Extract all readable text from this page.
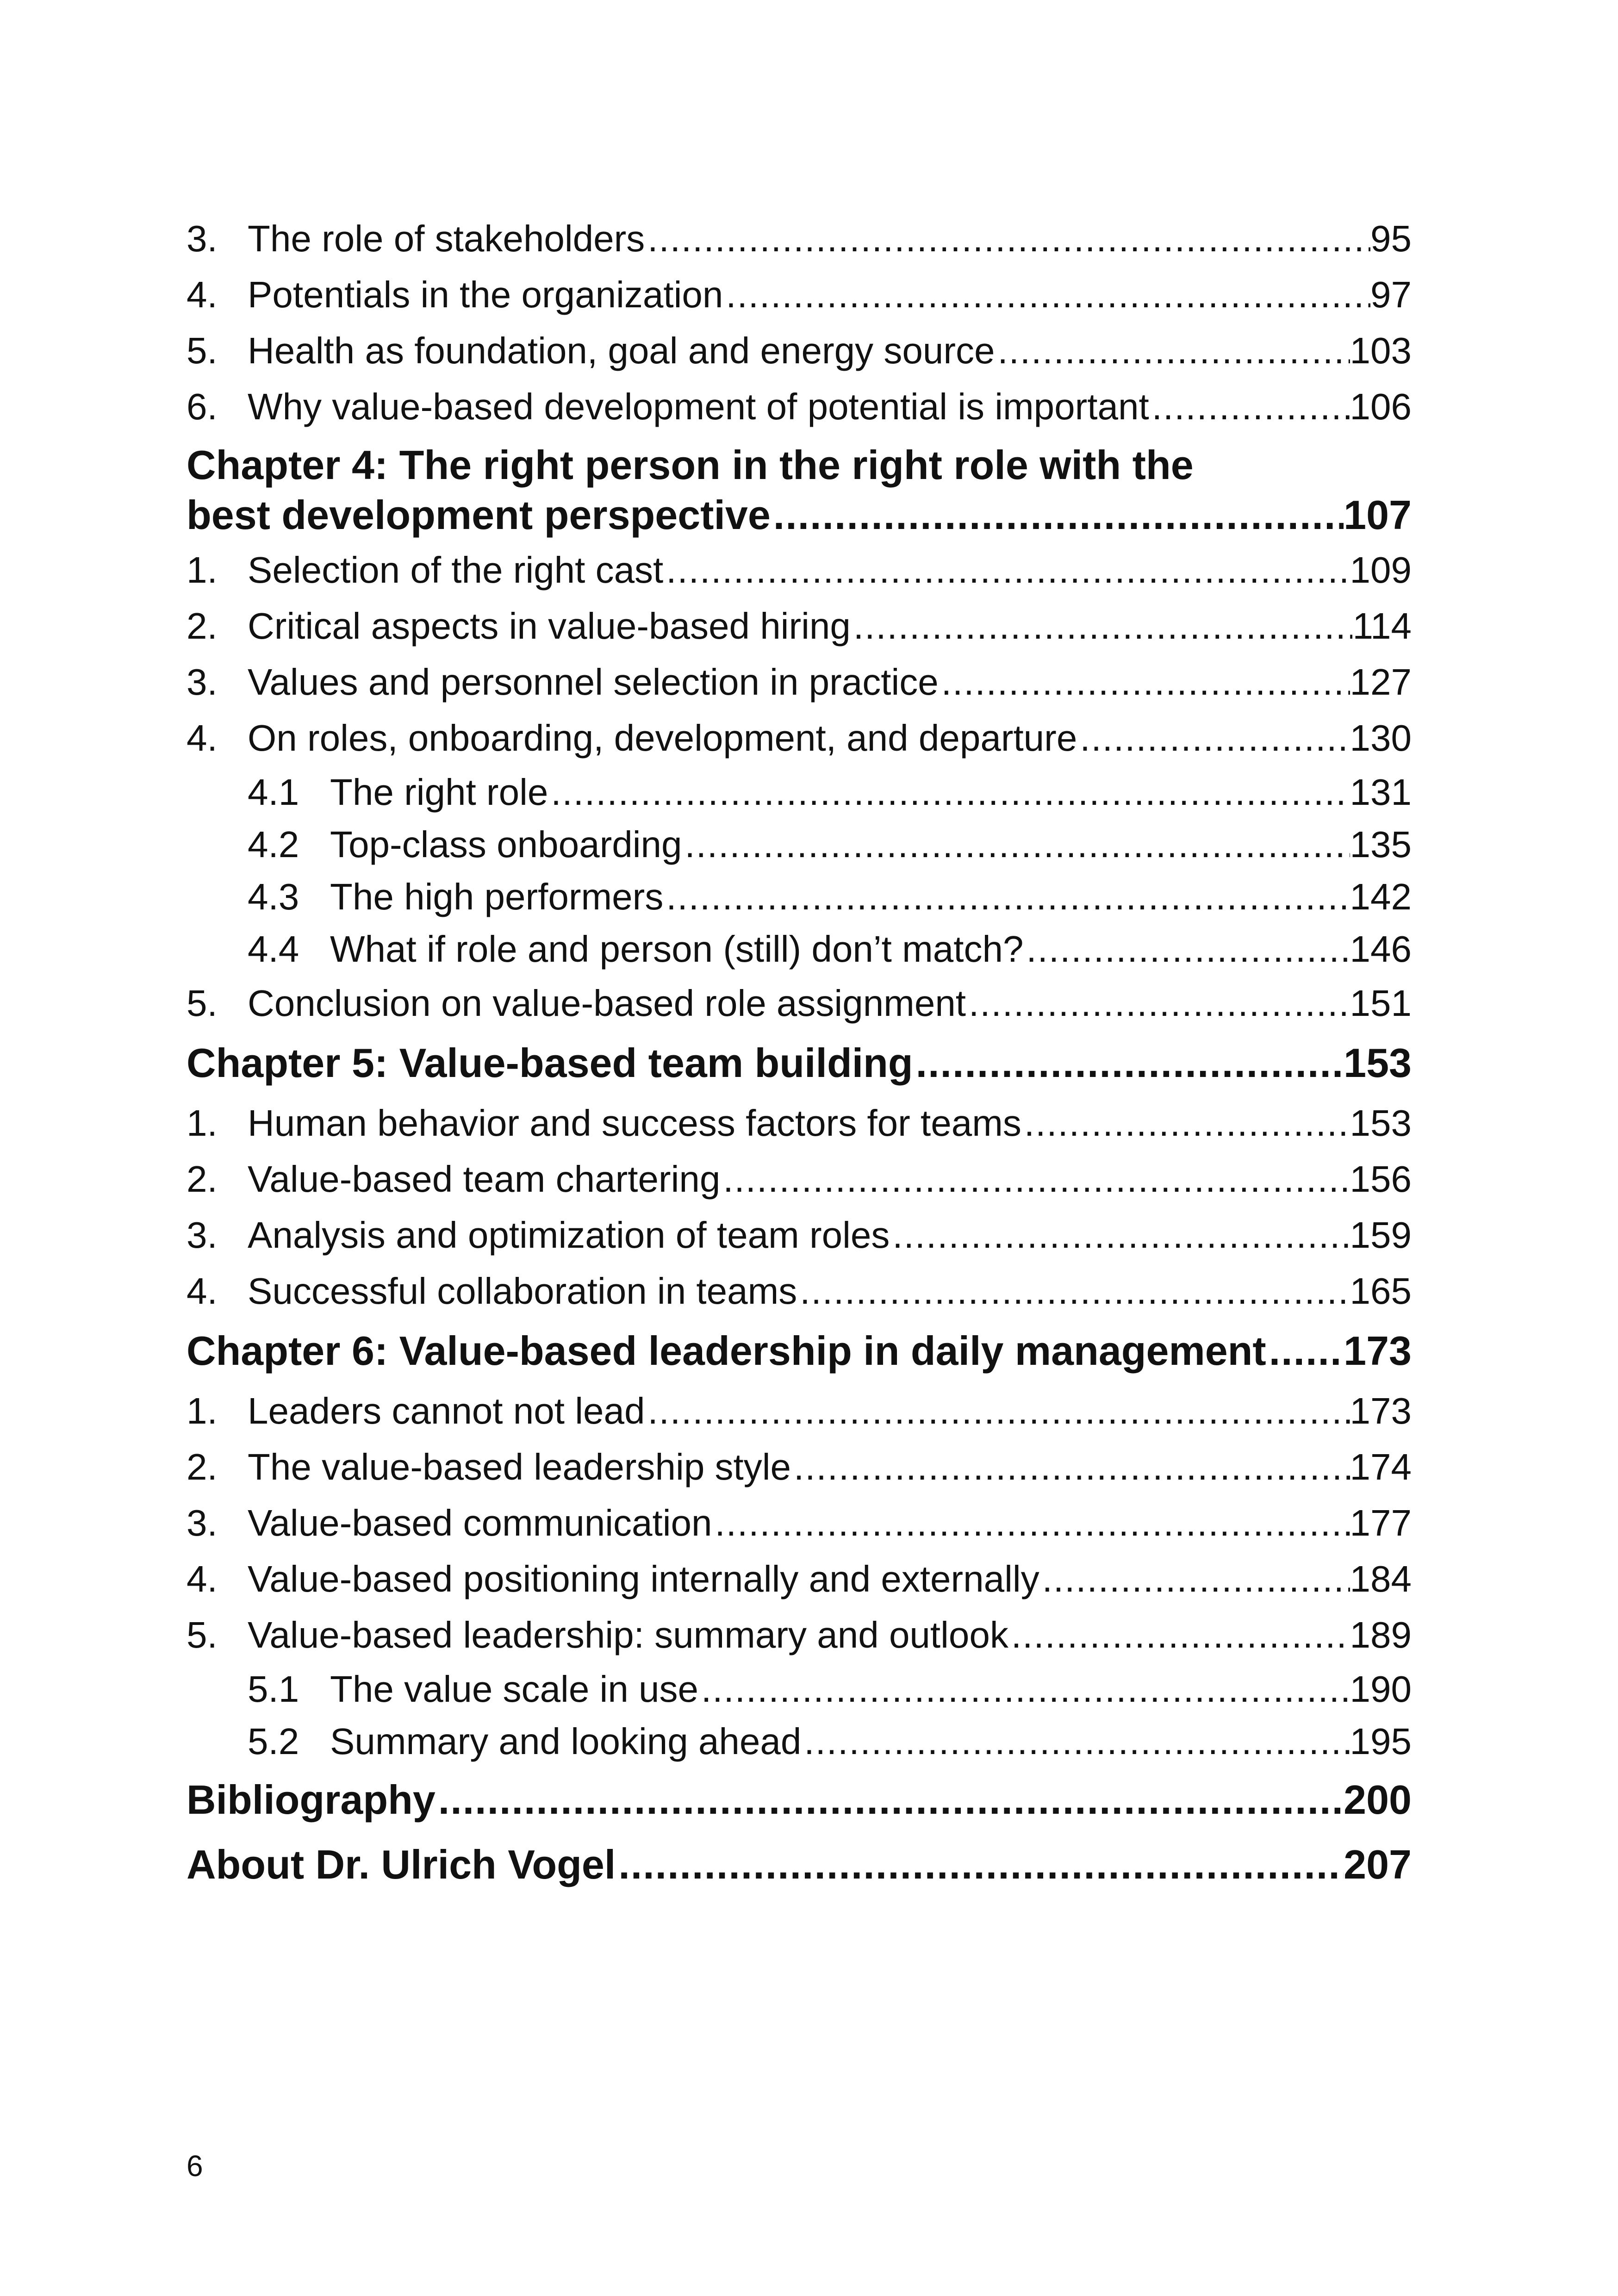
3. The role of stakeholders .....	95
4. Potentials in the organization .....	97
5. Health as foundation, goal and energy source .....	103
6. Why value-based development of potential is important .....	106
Chapter 4: The right person in the right role with the
best development perspective .....	107
1. Selection of the right cast .....	109
2. Critical aspects in value-based hiring .....	114
3. Values and personnel selection in practice .....	127
4. On roles, onboarding, development, and departure .....	130
4.1 The right role .....	131
4.2 Top-class onboarding .....	135
4.3 The high performers .....	142
4.4 What if role and person (still) don’t match? .....	146
5. Conclusion on value-based role assignment .....	151
Chapter 5: Value-based team building .....	153
1. Human behavior and success factors for teams .....	153
2. Value-based team chartering .....	156
3. Analysis and optimization of team roles .....	159
4. Successful collaboration in teams .....	165
Chapter 6: Value-based leadership in daily management ..... 173
1. Leaders cannot not lead .....	173
2. The value-based leadership style .....	174
3. Value-based communication .....	177
4. Value-based positioning internally and externally .....	184
5. Value-based leadership: summary and outlook .....	189
5.1 The value scale in use .....	190
5.2 Summary and looking ahead .....	195
Bibliography .....	200
About Dr. Ulrich Vogel .....	207
6
